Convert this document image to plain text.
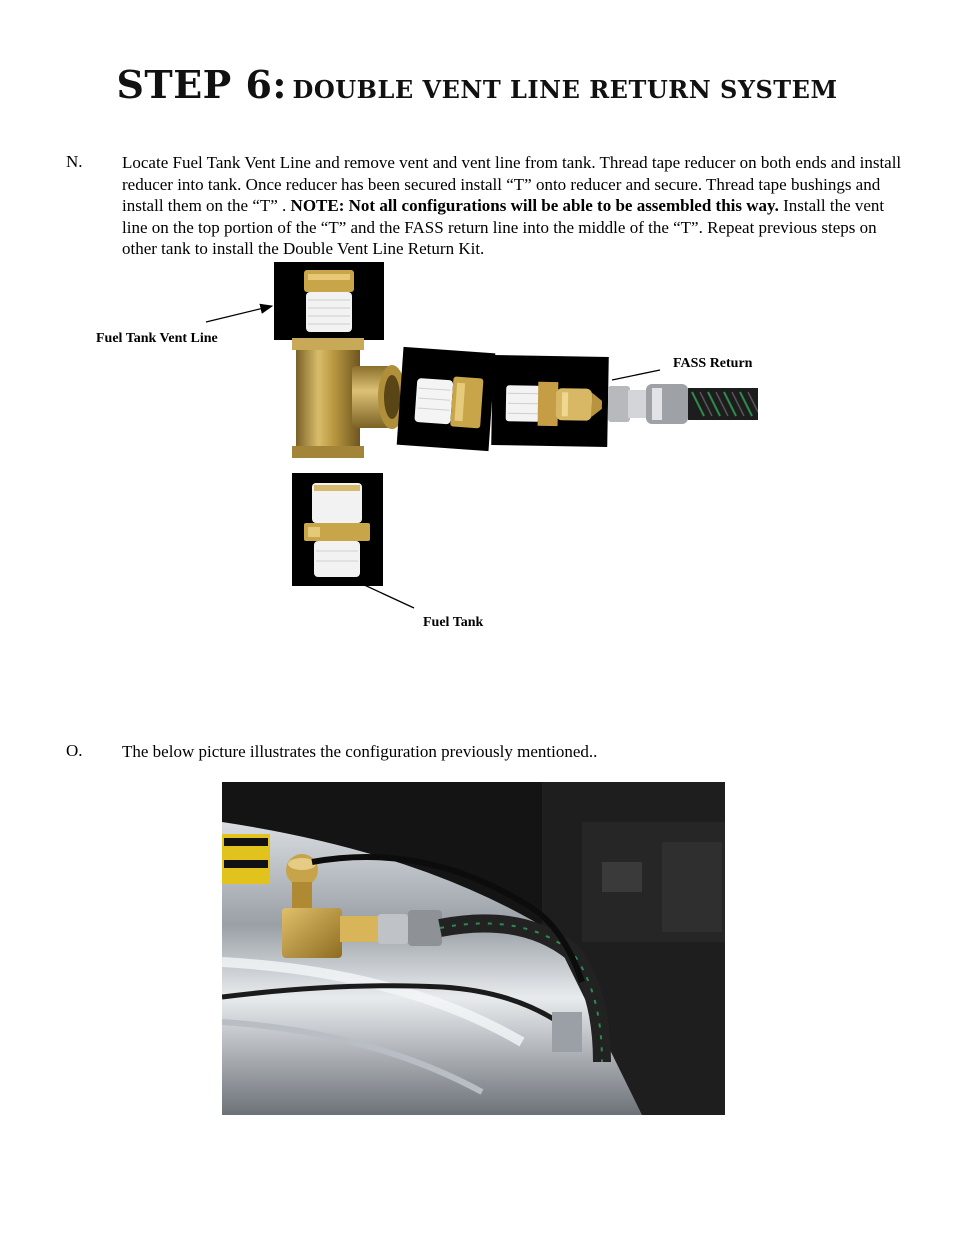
STEP 6: DOUBLE VENT LINE RETURN SYSTEM
N. Locate Fuel Tank Vent Line and remove vent and vent line from tank. Thread tape reducer on both ends and install reducer into tank. Once reducer has been secured install “T” onto reducer and secure. Thread tape bushings and install them on the “T” . NOTE: Not all configurations will be able to be assembled this way. Install the vent line on the top portion of the “T” and the FASS return line into the middle of the “T”. Repeat previous steps on other tank to install the Double Vent Line Return Kit.
Fuel Tank Vent Line
FASS Return
Fuel Tank
O. The below picture illustrates the configuration previously mentioned..
